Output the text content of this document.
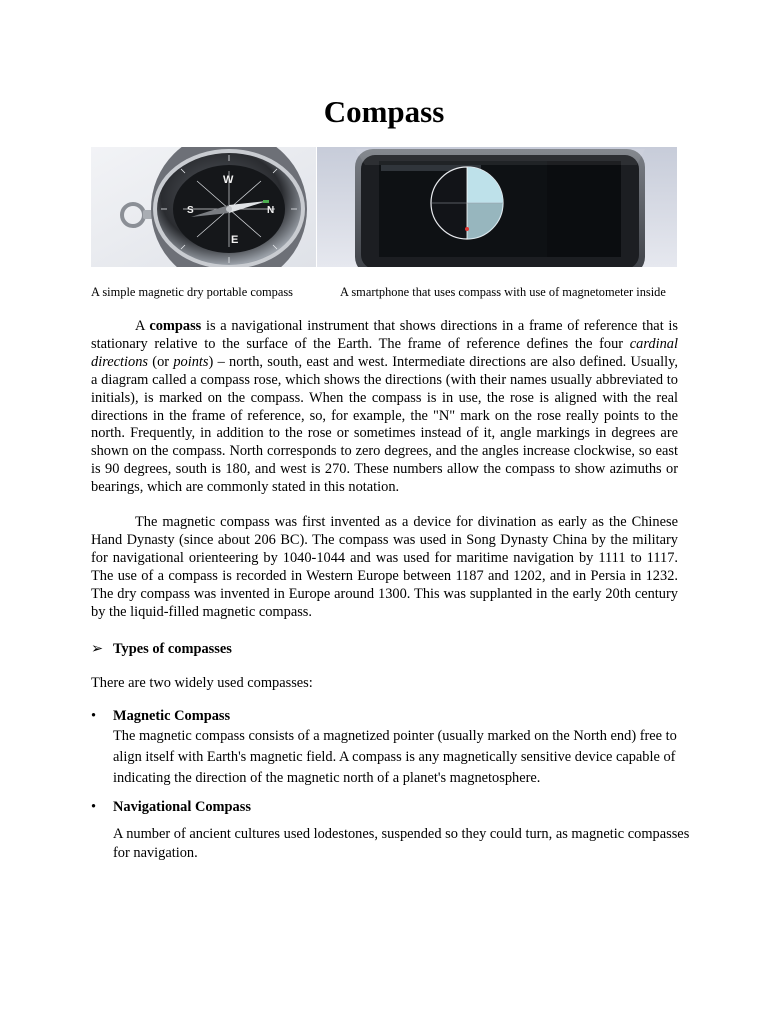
Compass
W
E
S	N
A simple magnetic dry portable compass	A smartphone that uses compass with use of magnetometer inside

A compass is a navigational instrument that shows directions in a frame of reference that is stationary relative to the surface of the Earth. The frame of reference defines the four cardinal directions (or points) – north, south, east and west. Intermediate directions are also defined. Usually, a diagram called a compass rose, which shows the directions (with their names usually abbreviated to initials), is marked on the compass. When the compass is in use, the rose is aligned with the real directions in the frame of reference, so, for example, the "N" mark on the rose really points to the north. Frequently, in addition to the rose or sometimes instead of it, angle markings in degrees are shown on the compass. North corresponds to zero degrees, and the angles increase clockwise, so east is 90 degrees, south is 180, and west is 270. These numbers allow the compass to show azimuths or bearings, which are commonly stated in this notation.

The magnetic compass was first invented as a device for divination as early as the Chinese Hand Dynasty (since about 206 BC). The compass was used in Song Dynasty China by the military for navigational orienteering by 1040-1044 and was used for maritime navigation by 1111 to 1117. The use of a compass is recorded in Western Europe between 1187 and 1202, and in Persia in 1232. The dry compass was invented in Europe around 1300. This was supplanted in the early 20th century by the liquid-filled magnetic compass.

➢ Types of compasses
There are two widely used compasses:
•	Magnetic Compass
The magnetic compass consists of a magnetized pointer (usually marked on the North end) free to align itself with Earth's magnetic field. A compass is any magnetically sensitive device capable of indicating the direction of the magnetic north of a planet's magnetosphere.
•	Navigational Compass
A number of ancient cultures used lodestones, suspended so they could turn, as magnetic compasses for navigation.
